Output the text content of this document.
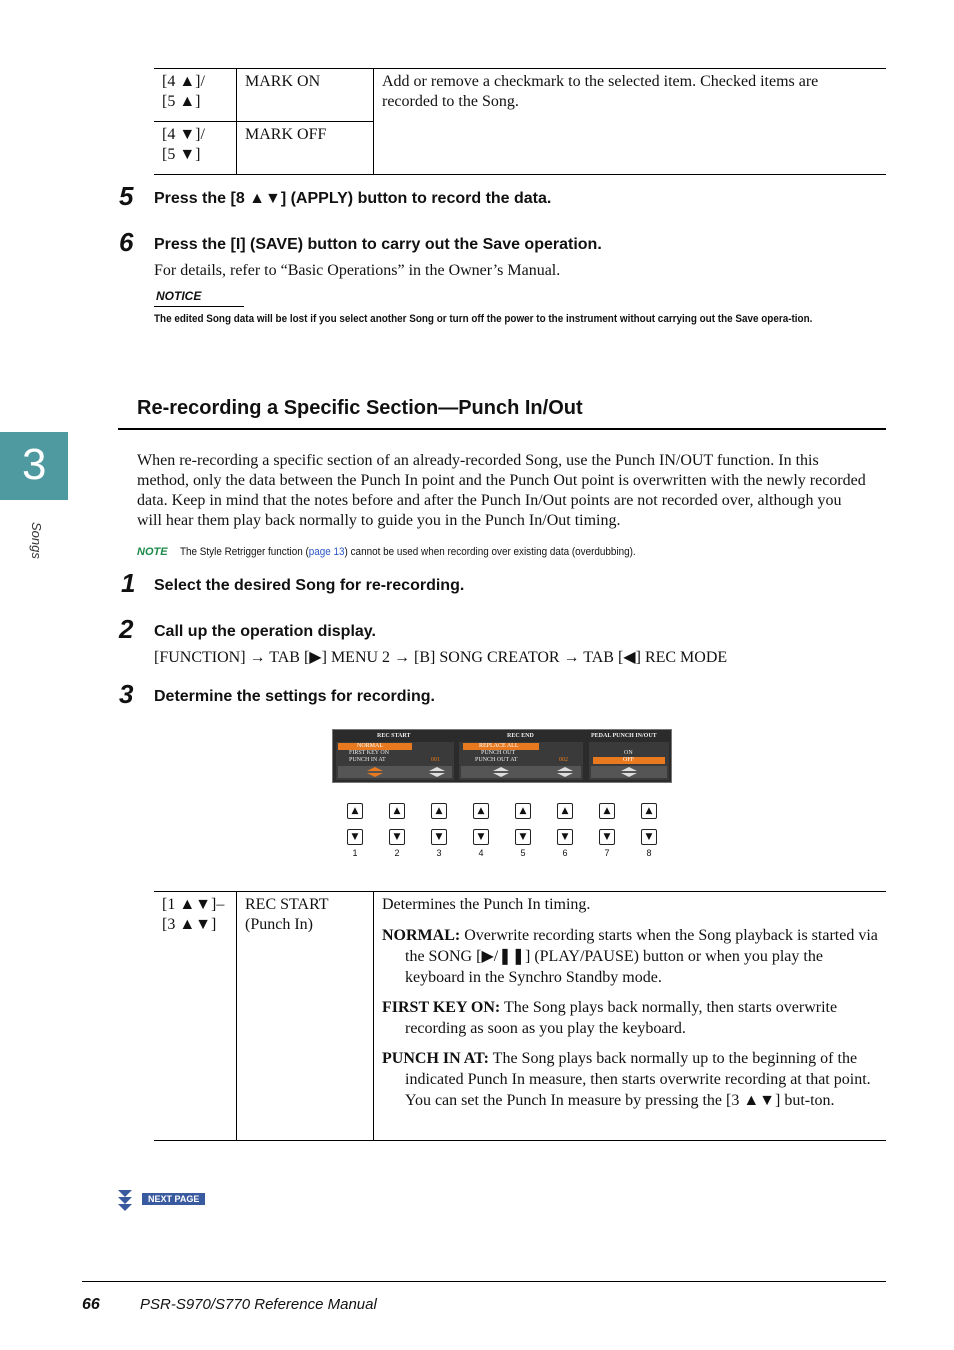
3
Songs
[4 ▲]/
[5 ▲]	MARK ON	Add or remove a checkmark to the selected item. Checked items are recorded to the Song.
[4 ▼]/
[5 ▼]	MARK OFF	
5 Press the [8 ▲▼] (APPLY) button to record the data.
6 Press the [I] (SAVE) button to carry out the Save operation.
For details, refer to “Basic Operations” in the Owner’s Manual.
NOTICE
The edited Song data will be lost if you select another Song or turn off the power to the instrument without carrying out the Save opera-tion.
Re-recording a Specific Section—Punch In/Out
When re-recording a specific section of an already-recorded Song, use the Punch IN/OUT function. In this method, only the data between the Punch In point and the Punch Out point is overwritten with the newly recorded data. Keep in mind that the notes before and after the Punch In/Out points are not recorded over, although you will hear them play back normally to guide you in the Punch In/Out timing.
NOTE The Style Retrigger function (page 13) cannot be used when recording over existing data (overdubbing).
1 Select the desired Song for re-recording.
2 Call up the operation display.
[FUNCTION] → TAB [▶] MENU 2 → [B] SONG CREATOR → TAB [◀] REC MODE
3 Determine the settings for recording.
REC START	REC END	PEDAL PUNCH IN/OUT
NORMAL
FIRST KEY ON
PUNCH IN AT	001
REPLACE ALL
PUNCH OUT
PUNCH OUT AT	002
ON
OFF
▲
▼
1
▲
▼
2
▲
▼
3
▲
▼
4
▲
▼
5
▲
▼
6
▲
▼
7
▲
▼
8
[1 ▲▼]–
[3 ▲▼]	REC START
(Punch In)	

Determines the Punch In timing.

NORMAL: Overwrite recording starts when the Song playback is started via the SONG [▶/❚❚] (PLAY/PAUSE) button or when you play the keyboard in the Synchro Standby mode.

FIRST KEY ON: The Song plays back normally, then starts overwrite recording as soon as you play the keyboard.

PUNCH IN AT: The Song plays back normally up to the beginning of the indicated Punch In measure, then starts overwrite recording at that point. You can set the Punch In measure by pressing the [3 ▲▼] but-ton.

NEXT PAGE
66	PSR-S970/S770 Reference Manual
